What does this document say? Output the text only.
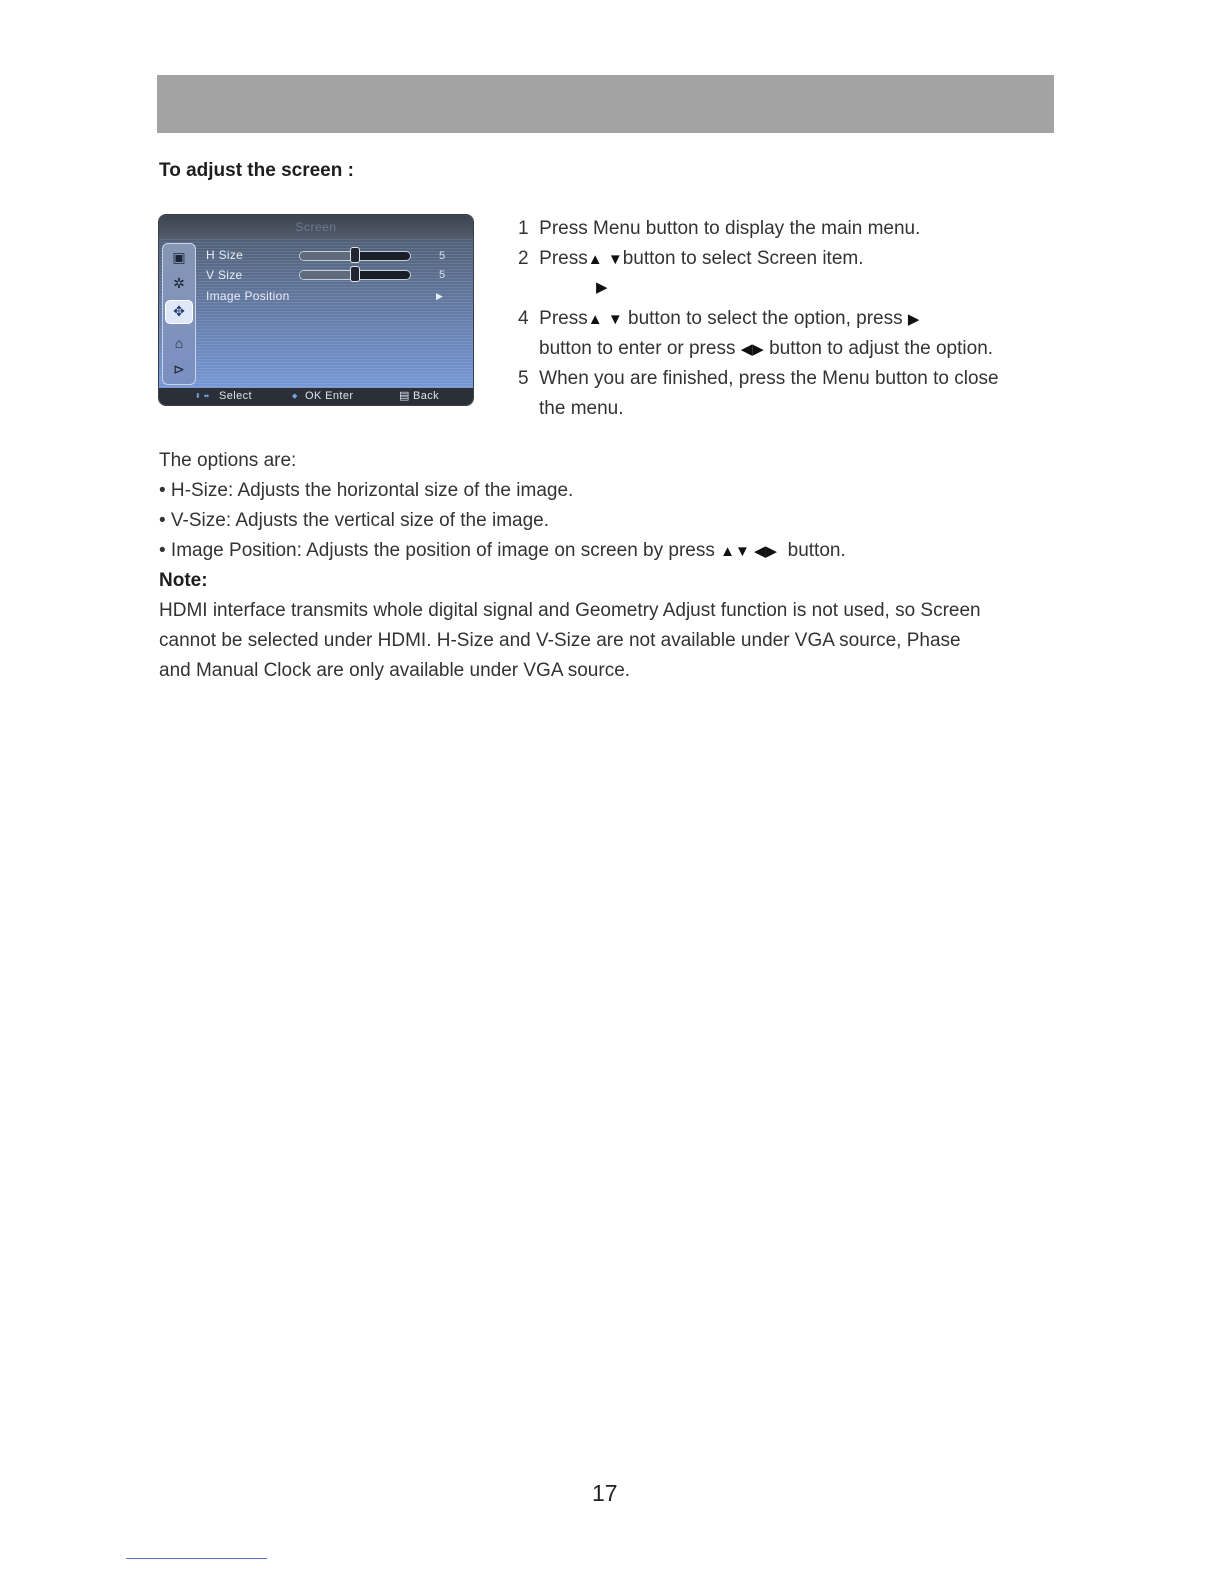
To adjust the screen :
Screen
▣
✲
✥
⌂
⊳
H Size	5
V Size	5
Image Position	▶
⬍ ⬌ Select	◆ OK Enter	▤ Back
1 Press Menu button to display the main menu.
2 Press▲ ▼button to select Screen item.
▶
4 Press▲ ▼ button to select the option, press ▶
button to enter or press ◀▶ button to adjust the option.
5 When you are finished, press the Menu button to close
the menu.
The options are:
• H-Size: Adjusts the horizontal size of the image.
• V-Size: Adjusts the vertical size of the image.
• Image Position: Adjusts the position of image on screen by press ▲▼ ◀▶ button.
Note:
HDMI interface transmits whole digital signal and Geometry Adjust function is not used, so Screen
cannot be selected under HDMI. H-Size and V-Size are not available under VGA source, Phase
and Manual Clock are only available under VGA source.
17
